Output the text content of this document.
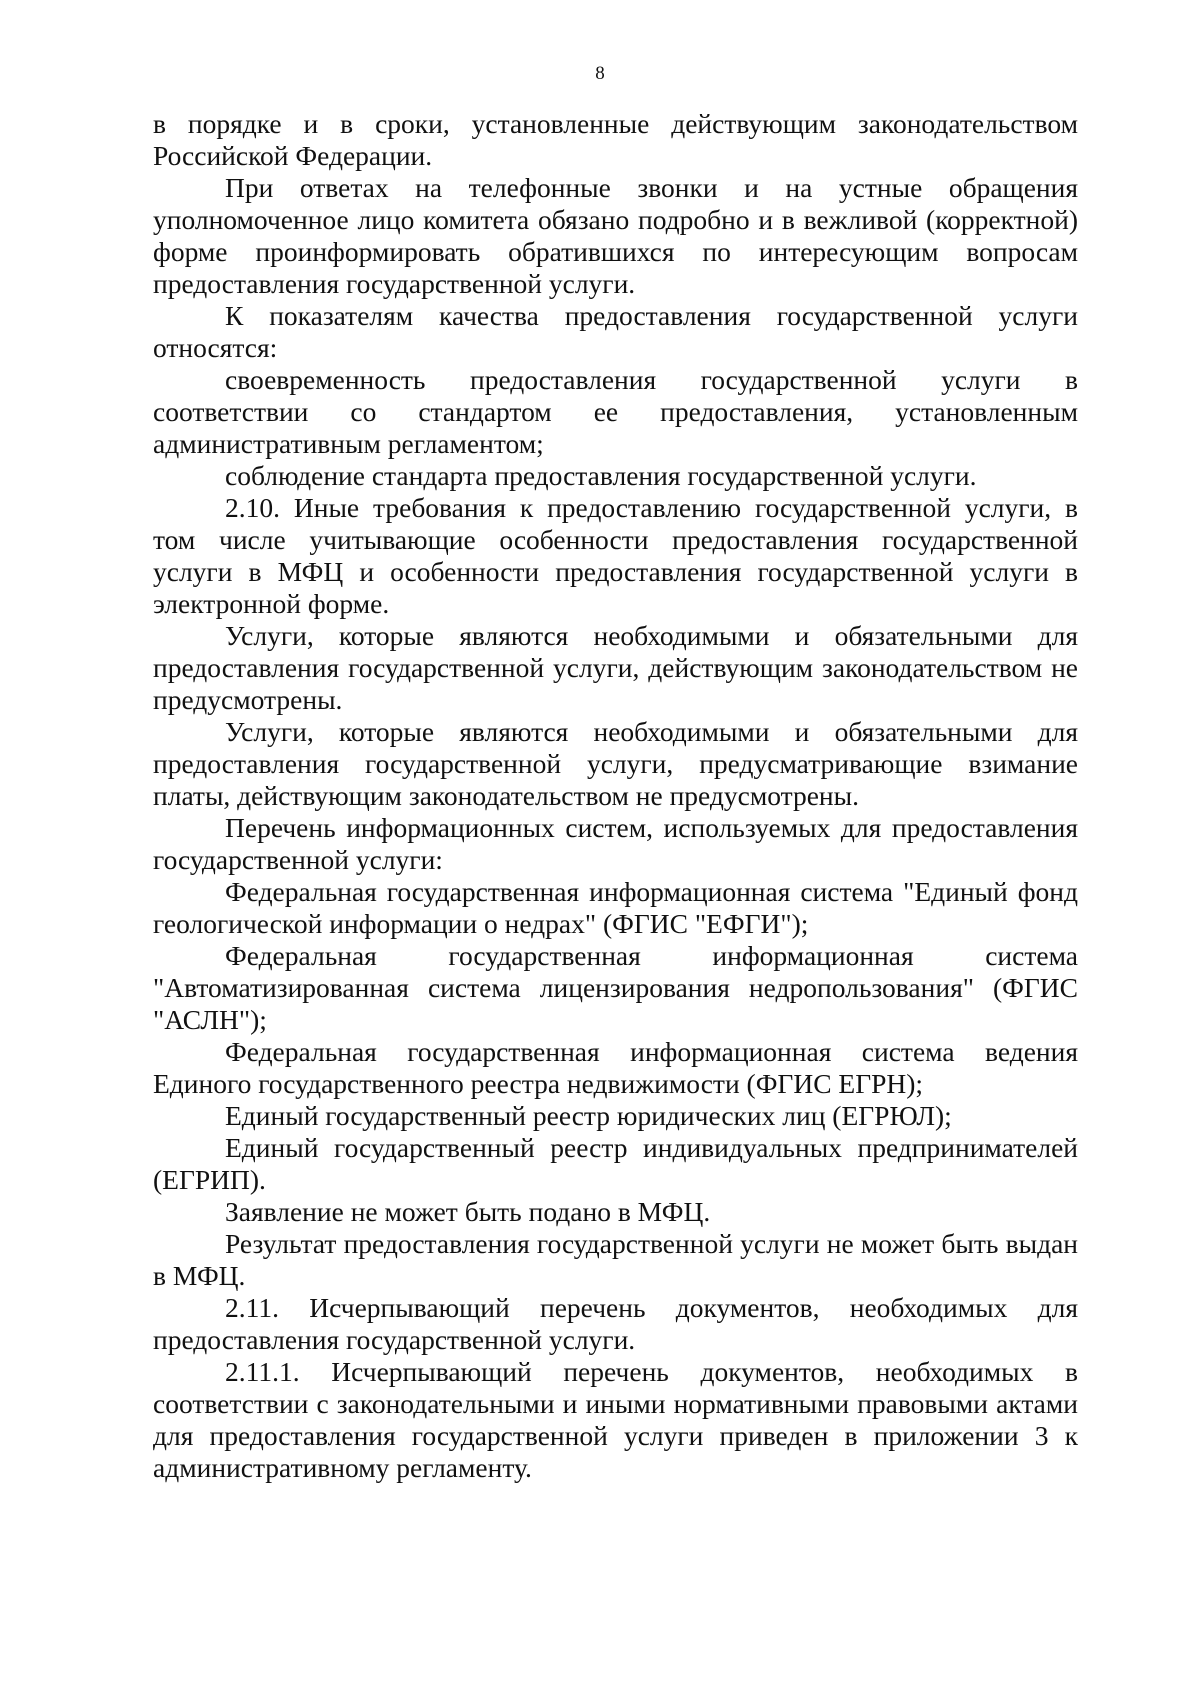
8

в порядке и в сроки, установленные действующим законодательством Российской Федерации.

При ответах на телефонные звонки и на устные обращения уполномоченное лицо комитета обязано подробно и в вежливой (корректной) форме проинформировать обратившихся по интересующим вопросам предоставления государственной услуги.

К показателям качества предоставления государственной услуги относятся:

своевременность предоставления государственной услуги в соответствии со стандартом ее предоставления, установленным административным регламентом;

соблюдение стандарта предоставления государственной услуги.

2.10. Иные требования к предоставлению государственной услуги, в том числе учитывающие особенности предоставления государственной услуги в МФЦ и особенности предоставления государственной услуги в электронной форме.

Услуги, которые являются необходимыми и обязательными для предоставления государственной услуги, действующим законодательством не предусмотрены.

Услуги, которые являются необходимыми и обязательными для предоставления государственной услуги, предусматривающие взимание платы, действующим законодательством не предусмотрены.

Перечень информационных систем, используемых для предоставления государственной услуги:

Федеральная государственная информационная система "Единый фонд геологической информации о недрах" (ФГИС "ЕФГИ");

Федеральная государственная информационная система "Автоматизированная система лицензирования недропользования" (ФГИС "АСЛН");

Федеральная государственная информационная система ведения Единого государственного реестра недвижимости (ФГИС ЕГРН);

Единый государственный реестр юридических лиц (ЕГРЮЛ);

Единый государственный реестр индивидуальных предпринимателей (ЕГРИП).

Заявление не может быть подано в МФЦ.

Результат предоставления государственной услуги не может быть выдан в МФЦ.

2.11. Исчерпывающий перечень документов, необходимых для предоставления государственной услуги.

2.11.1. Исчерпывающий перечень документов, необходимых в соответствии с законодательными и иными нормативными правовыми актами для предоставления государственной услуги приведен в приложении 3 к административному регламенту.
